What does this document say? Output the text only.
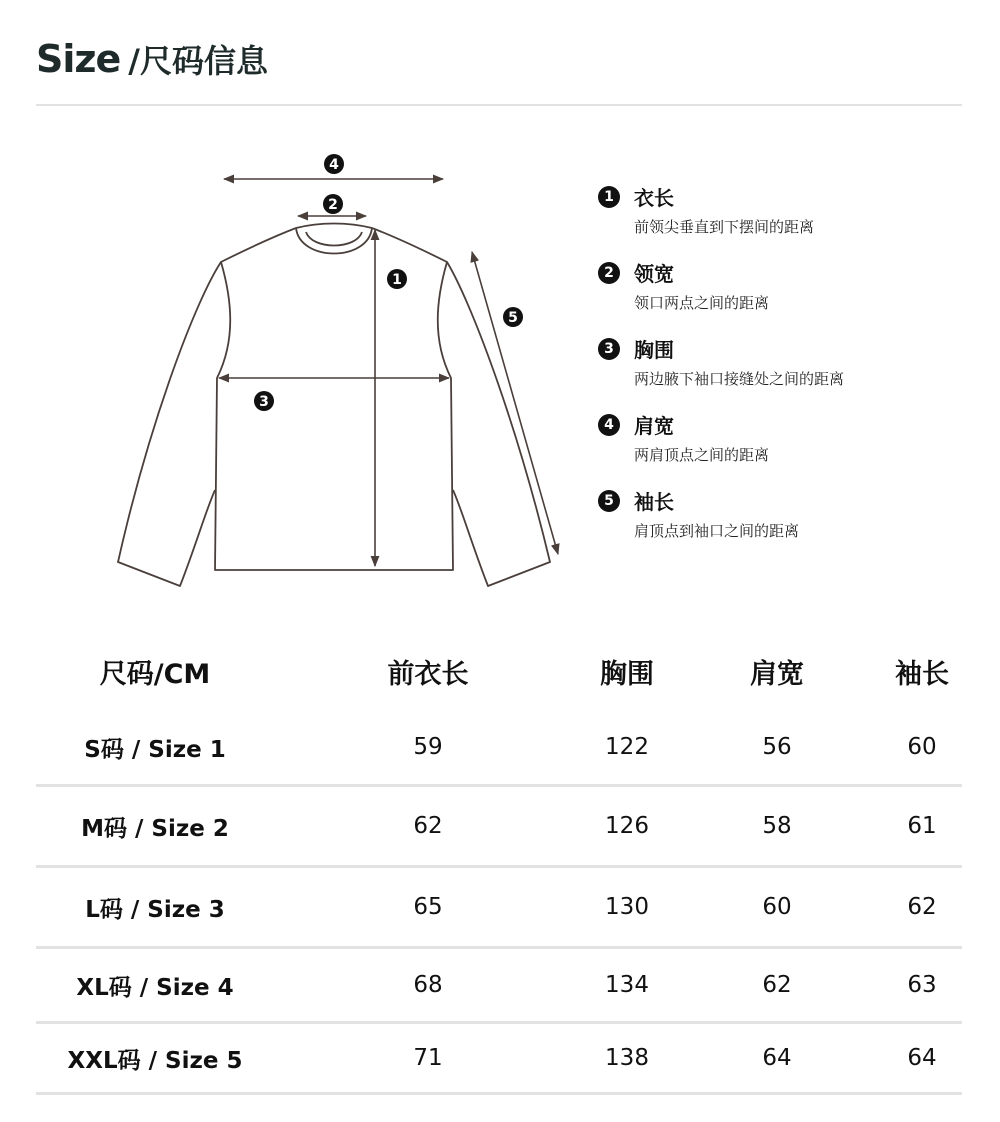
Size /尺码信息
4
2
1
5
3
1	衣长
前领尖垂直到下摆间的距离
2	领宽
领口两点之间的距离
3	胸围
两边腋下袖口接缝处之间的距离
4	肩宽
两肩顶点之间的距离
5	袖长
肩顶点到袖口之间的距离
尺码/CM	前衣长	胸围	肩宽	袖长
S码 / Size 1	59	122	56	60
M码 / Size 2	62	126	58	61
L码 / Size 3	65	130	60	62
XL码 / Size 4	68	134	62	63
XXL码 / Size 5	71	138	64	64
